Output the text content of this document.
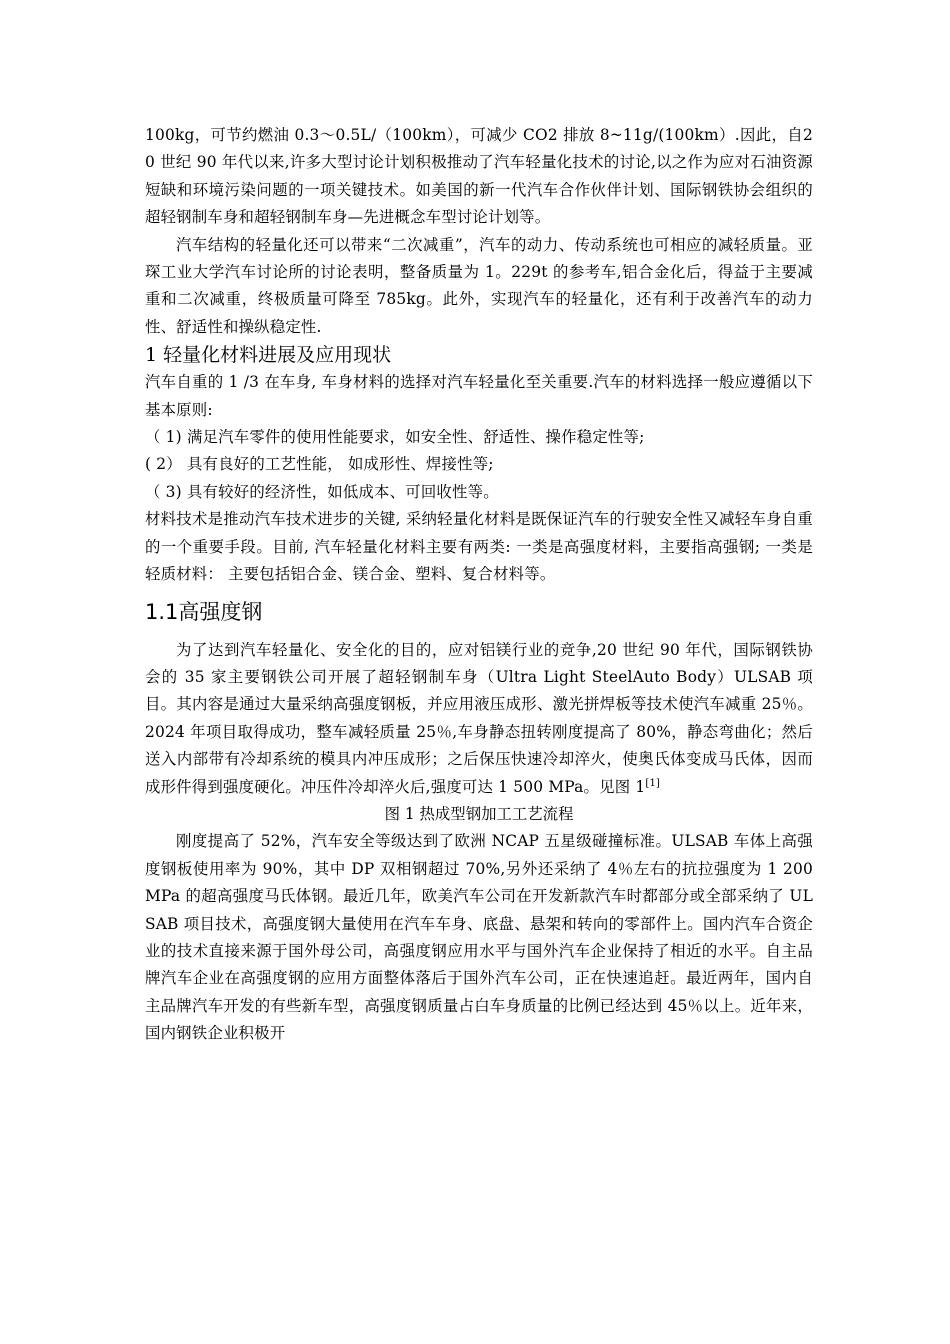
100kg，可节约燃油 0.3～0.5L/（100km），可减少 CO2 排放 8~11g/(100km）.因此，自20 世纪 90 年代以来,许多大型讨论计划积极推动了汽车轻量化技术的讨论,以之作为应对石油资源短缺和环境污染问题的一项关键技术。如美国的新一代汽车合作伙伴计划、国际钢铁协会组织的超轻钢制车身和超轻钢制车身—先进概念车型讨论计划等。

汽车结构的轻量化还可以带来“二次减重”，汽车的动力、传动系统也可相应的减轻质量。亚琛工业大学汽车讨论所的讨论表明，整备质量为 1。229t 的参考车,铝合金化后，得益于主要减重和二次减重，终极质量可降至 785kg。此外，实现汽车的轻量化，还有利于改善汽车的动力性、舒适性和操纵稳定性.

1 轻量化材料进展及应用现状

汽车自重的 1 /3 在车身, 车身材料的选择对汽车轻量化至关重要.汽车的材料选择一般应遵循以下基本原则:

（ 1) 满足汽车零件的使用性能要求，如安全性、舒适性、操作稳定性等;

( 2） 具有良好的工艺性能， 如成形性、焊接性等;

（ 3) 具有较好的经济性，如低成本、可回收性等。

材料技术是推动汽车技术进步的关键, 采纳轻量化材料是既保证汽车的行驶安全性又减轻车身自重的一个重要手段。目前, 汽车轻量化材料主要有两类: 一类是高强度材料，主要指高强钢; 一类是轻质材料： 主要包括铝合金、镁合金、塑料、复合材料等。

1.1高强度钢

为了达到汽车轻量化、安全化的目的，应对铝镁行业的竞争,20 世纪 90 年代，国际钢铁协会的 35 家主要钢铁公司开展了超轻钢制车身（Ultra Light SteelAuto Body）ULSAB 项目。其内容是通过大量采纳高强度钢板，并应用液压成形、激光拼焊板等技术使汽车减重 25％。2024 年项目取得成功，整车减轻质量 25％,车身静态扭转刚度提高了 80%，静态弯曲化；然后送入内部带有冷却系统的模具内冲压成形；之后保压快速冷却淬火，使奥氏体变成马氏体，因而成形件得到强度硬化。冲压件冷却淬火后,强度可达 1 500 MPa。见图 1[1]

图 1 热成型钢加工工艺流程

刚度提高了 52%，汽车安全等级达到了欧洲 NCAP 五星级碰撞标准。ULSAB 车体上高强度钢板使用率为 90%，其中 DP 双相钢超过 70%,另外还采纳了 4％左右的抗拉强度为 1 200 MPa 的超高强度马氏体钢。最近几年，欧美汽车公司在开发新款汽车时都部分或全部采纳了 ULSAB 项目技术，高强度钢大量使用在汽车车身、底盘、悬架和转向的零部件上。国内汽车合资企业的技术直接来源于国外母公司，高强度钢应用水平与国外汽车企业保持了相近的水平。自主品牌汽车企业在高强度钢的应用方面整体落后于国外汽车公司，正在快速追赶。最近两年，国内自主品牌汽车开发的有些新车型，高强度钢质量占白车身质量的比例已经达到 45％以上。近年来，国内钢铁企业积极开
